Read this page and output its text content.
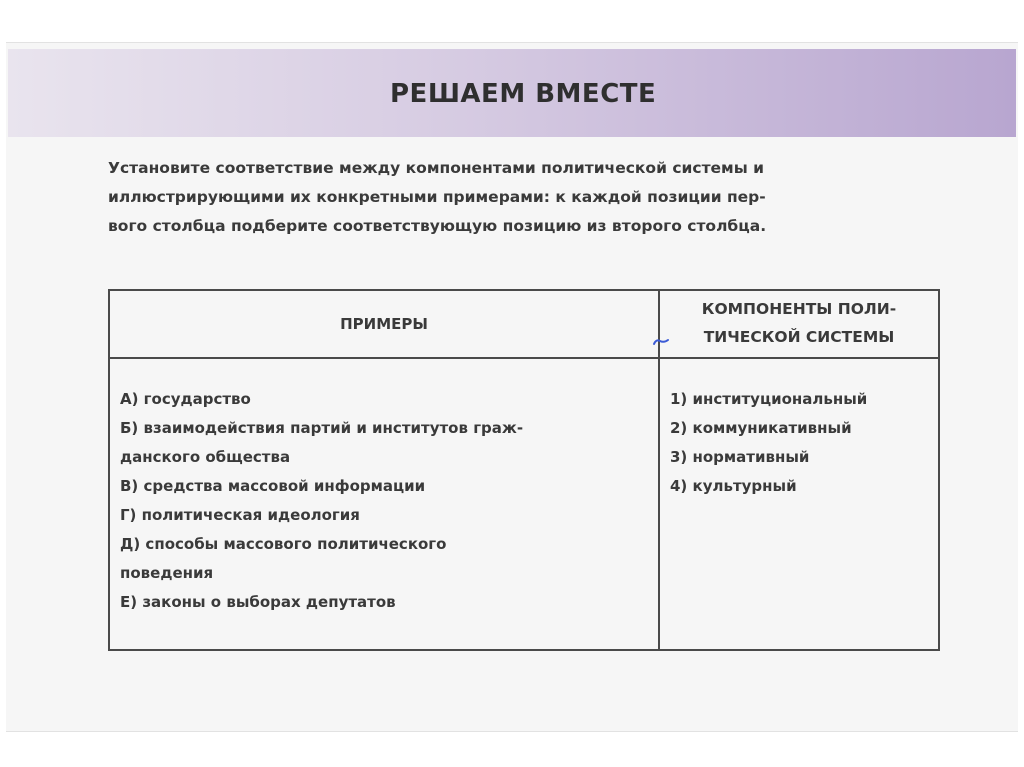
РЕШАЕМ ВМЕСТЕ
Установите соответствие между компонентами политической системы и
иллюстрирующими их конкретными примерами: к каждой позиции пер-
вого столбца подберите соответствующую позицию из второго столбца.
ПРИМЕРЫ
КОМПОНЕНТЫ ПОЛИ-
ТИЧЕСКОЙ СИСТЕМЫ
А) государство
Б) взаимодействия партий и институтов граж-
данского общества
В) средства массовой информации
Г) политическая идеология
Д) способы массового политического
поведения
Е) законы о выборах депутатов
1) институциональный
2) коммуникативный
3) нормативный
4) культурный
